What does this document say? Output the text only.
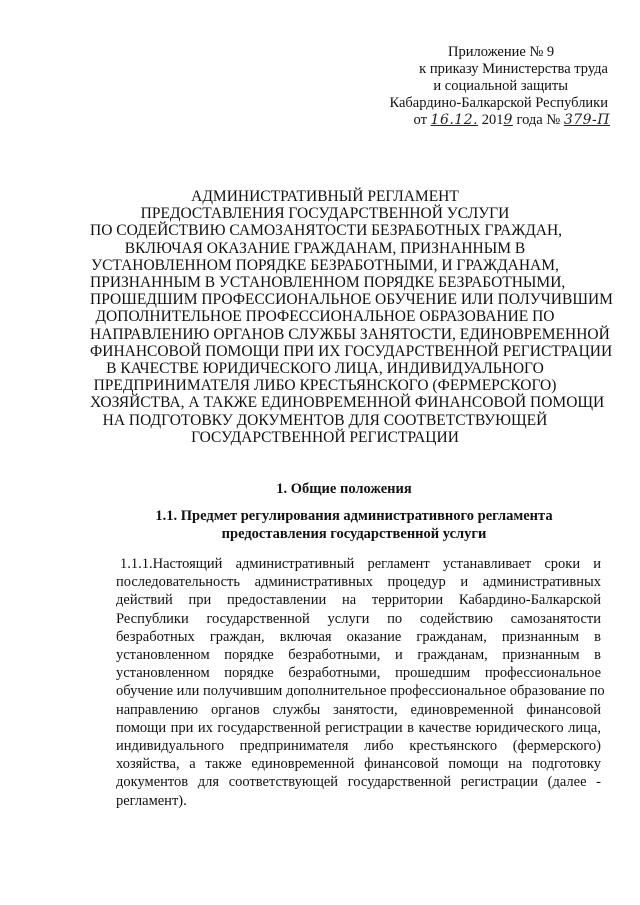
Приложение № 9
к приказу Министерства труда
и социальной защиты
Кабардино-Балкарской Республики
от 16.12. 2019 года № 379-П
АДМИНИСТРАТИВНЫЙ РЕГЛАМЕНТ
ПРЕДОСТАВЛЕНИЯ ГОСУДАРСТВЕННОЙ УСЛУГИ
ПО СОДЕЙСТВИЮ САМОЗАНЯТОСТИ БЕЗРАБОТНЫХ ГРАЖДАН,
ВКЛЮЧАЯ ОКАЗАНИЕ ГРАЖДАНАМ, ПРИЗНАННЫМ В
УСТАНОВЛЕННОМ ПОРЯДКЕ БЕЗРАБОТНЫМИ, И ГРАЖДАНАМ,
ПРИЗНАННЫМ В УСТАНОВЛЕННОМ ПОРЯДКЕ БЕЗРАБОТНЫМИ,
ПРОШЕДШИМ ПРОФЕССИОНАЛЬНОЕ ОБУЧЕНИЕ ИЛИ ПОЛУЧИВШИМ
ДОПОЛНИТЕЛЬНОЕ ПРОФЕССИОНАЛЬНОЕ ОБРАЗОВАНИЕ ПО
НАПРАВЛЕНИЮ ОРГАНОВ СЛУЖБЫ ЗАНЯТОСТИ, ЕДИНОВРЕМЕННОЙ
ФИНАНСОВОЙ ПОМОЩИ ПРИ ИХ ГОСУДАРСТВЕННОЙ РЕГИСТРАЦИИ
В КАЧЕСТВЕ ЮРИДИЧЕСКОГО ЛИЦА, ИНДИВИДУАЛЬНОГО
ПРЕДПРИНИМАТЕЛЯ ЛИБО КРЕСТЬЯНСКОГО (ФЕРМЕРСКОГО)
ХОЗЯЙСТВА, А ТАКЖЕ ЕДИНОВРЕМЕННОЙ ФИНАНСОВОЙ ПОМОЩИ
НА ПОДГОТОВКУ ДОКУМЕНТОВ ДЛЯ СООТВЕТСТВУЮЩЕЙ
ГОСУДАРСТВЕННОЙ РЕГИСТРАЦИИ
1. Общие положения
1.1. Предмет регулирования административного регламента
предоставления государственной услуги
1.1.1.Настоящий административный регламент устанавливает сроки и
последовательность административных процедур и административных
действий при предоставлении на территории Кабардино-Балкарской
Республики государственной услуги по содействию самозанятости
безработных граждан, включая оказание гражданам, признанным в
установленном порядке безработными, и гражданам, признанным в
установленном порядке безработными, прошедшим профессиональное
обучение или получившим дополнительное профессиональное образование по
направлению органов службы занятости, единовременной финансовой
помощи при их государственной регистрации в качестве юридического лица,
индивидуального предпринимателя либо крестьянского (фермерского)
хозяйства, а также единовременной финансовой помощи на подготовку
документов для соответствующей государственной регистрации (далее -
регламент).
